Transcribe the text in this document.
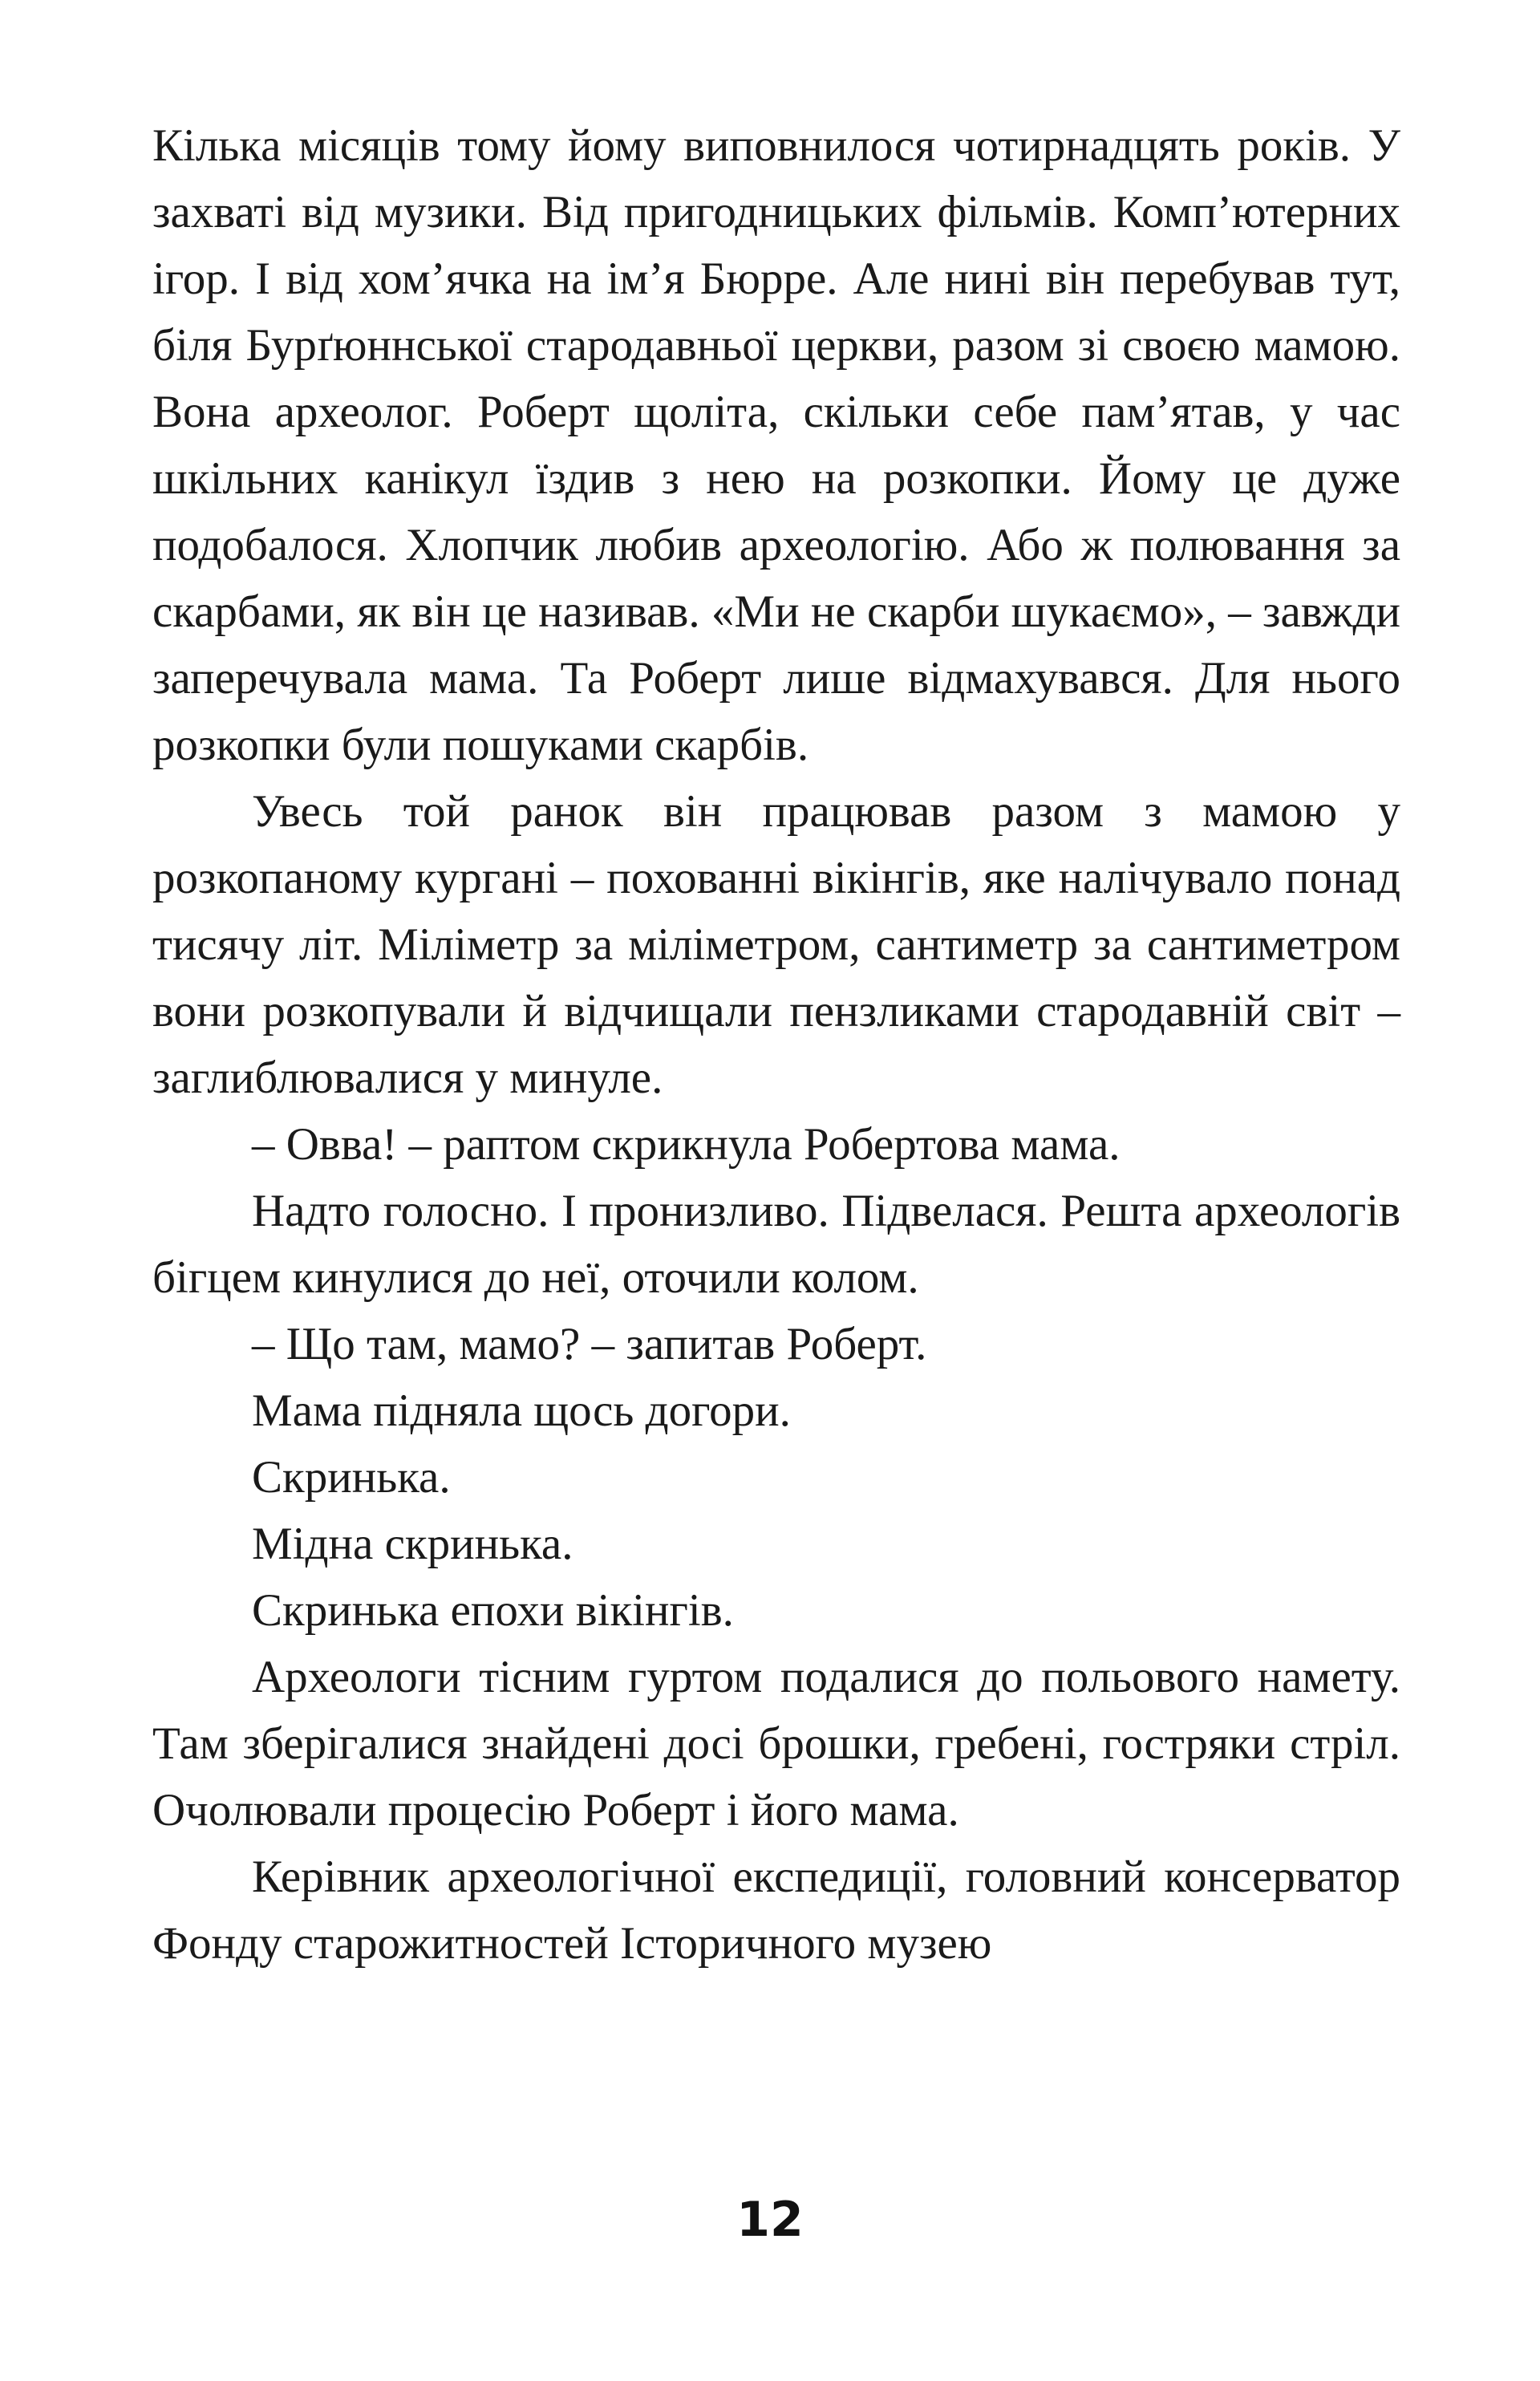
Кілька місяців тому йому виповнилося чотирнадцять років. У захваті від музики. Від пригодницьких фільмів. Комп’ютерних ігор. І від хом’ячка на ім’я Бюрре. Але нині він перебував тут, біля Бурґюннської стародавньої церкви, разом зі своєю мамою. Вона археолог. Роберт щоліта, скільки себе пам’ятав, у час шкільних канікул їздив з нею на розкопки. Йому це дуже подобалося. Хлопчик любив археологію. Або ж полювання за скарбами, як він це називав. «Ми не скарби шукаємо», – завжди заперечувала мама. Та Роберт лише відмахувався. Для нього розкопки були пошуками скарбів.

Увесь той ранок він працював разом з мамою у розкопаному кургані – похованні вікінгів, яке налічувало понад тисячу літ. Міліметр за міліметром, сантиметр за сантиметром вони розкопували й відчищали пензликами стародавній світ – заглиблювалися у минуле.

– Овва! – раптом скрикнула Робертова мама.

Надто голосно. І пронизливо. Підвелася. Решта археологів бігцем кинулися до неї, оточили колом.

– Що там, мамо? – запитав Роберт.

Мама підняла щось догори.

Скринька.

Мідна скринька.

Скринька епохи вікінгів.

Археологи тісним гуртом подалися до польового намету. Там зберігалися знайдені досі брошки, гребені, гостряки стріл. Очолювали процесію Роберт і його мама.

Керівник археологічної експедиції, головний консерватор Фонду старожитностей Історичного музею

12
